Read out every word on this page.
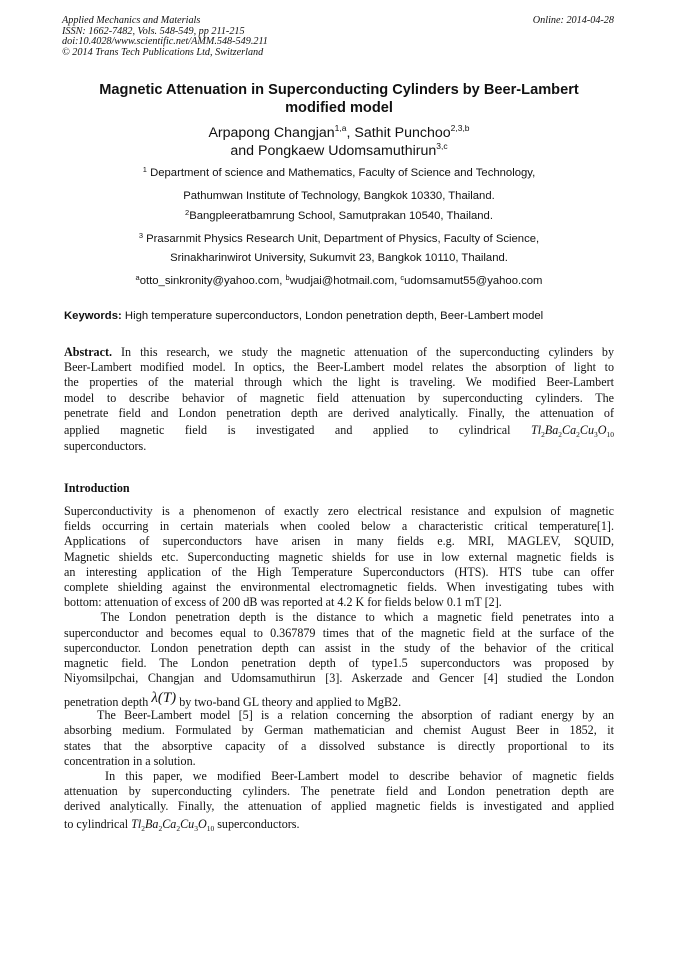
Applied Mechanics and Materials
ISSN: 1662-7482, Vols. 548-549, pp 211-215
doi:10.4028/www.scientific.net/AMM.548-549.211
© 2014 Trans Tech Publications Ltd, Switzerland
Online: 2014-04-28
Magnetic Attenuation in Superconducting Cylinders by Beer-Lambert
modified model
Arpapong Changjan$^{1,a}$, Sathit Punchoo$^{2,3,b}$
and Pongkaew Udomsamuthirun$^{3,c}$
$^1$ Department of science and Mathematics, Faculty of Science and Technology,
Pathumwan Institute of Technology, Bangkok 10330, Thailand.
$^2$Bangpleeratbamrung School, Samutprakan 10540, Thailand.
$^3$ Prasarnmit Physics Research Unit, Department of Physics, Faculty of Science,
Srinakharinwirot University, Sukumvit 23, Bangkok 10110, Thailand.
$^a$otto_sinkronity@yahoo.com, $^b$wudjai@hotmail.com, $^c$udomsamut55@yahoo.com
Keywords: High temperature superconductors, London penetration depth, Beer-Lambert model
Abstract. In this research, we study the magnetic attenuation of the superconducting cylinders by
Beer-Lambert modified model. In optics, the Beer-Lambert model relates the absorption of light to
the properties of the material through which the light is traveling. We modified Beer-Lambert
model to describe behavior of magnetic field attenuation by superconducting cylinders. The
penetrate field and London penetration depth are derived analytically. Finally, the attenuation of
applied magnetic field is investigated and applied to cylindrical $Tl_2Ba_2Ca_2Cu_3O_{10}$
superconductors.
Introduction
Superconductivity is a phenomenon of exactly zero electrical resistance and expulsion of magnetic
fields occurring in certain materials when cooled below a characteristic critical temperature[1].
Applications of superconductors have arisen in many fields e.g. MRI, MAGLEV, SQUID,
Magnetic shields etc. Superconducting magnetic shields for use in low external magnetic fields is
an interesting application of the High Temperature Superconductors (HTS). HTS tube can offer
complete shielding against the environmental electromagnetic fields. When investigating tubes with
bottom: attenuation of excess of 200 dB was reported at 4.2 K for fields below 0.1 mT [2].
The London penetration depth is the distance to which a magnetic field penetrates into a
superconductor and becomes equal to 0.367879 times that of the magnetic field at the surface of the
superconductor. London penetration depth can assist in the study of the behavior of the critical
magnetic field. The London penetration depth of type1.5 superconductors was proposed by
Niyomsilpchai, Changjan and Udomsamuthirun [3]. Askerzade and Gencer [4] studied the London
penetration depth λ(T) by two-band GL theory and applied to MgB2.
The Beer-Lambert model [5] is a relation concerning the absorption of radiant energy by an
absorbing medium. Formulated by German mathematician and chemist August Beer in 1852, it
states that the absorptive capacity of a dissolved substance is directly proportional to its
concentration in a solution.
In this paper, we modified Beer-Lambert model to describe behavior of magnetic fields
attenuation by superconducting cylinders. The penetrate field and London penetration depth are
derived analytically. Finally, the attenuation of applied magnetic fields is investigated and applied
to cylindrical $Tl_2Ba_2Ca_2Cu_3O_{10}$ superconductors.
